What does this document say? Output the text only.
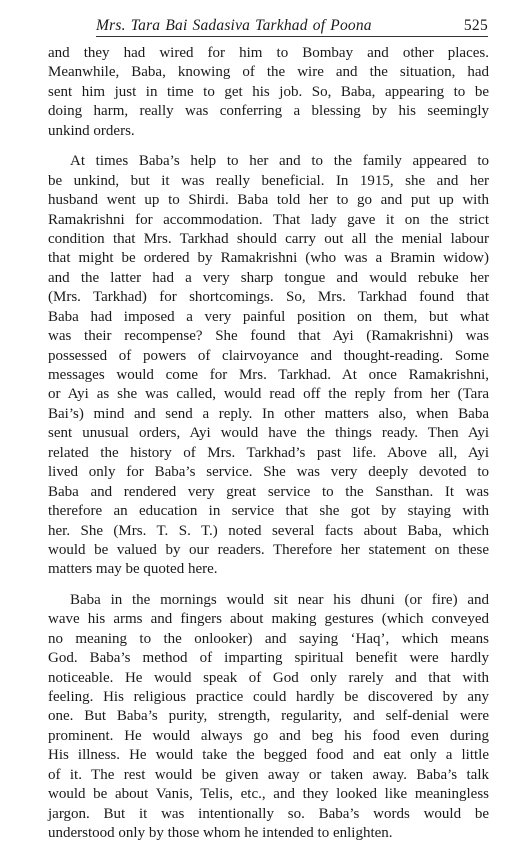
Mrs. Tara Bai Sadasiva Tarkhad of Poona	525
and they had wired for him to Bombay and other places.
Meanwhile, Baba, knowing of the wire and the situation, had
sent him just in time to get his job. So, Baba, appearing to be
doing harm, really was conferring a blessing by his seemingly
unkind orders.
At times Baba’s help to her and to the family appeared to
be unkind, but it was really beneficial. In 1915, she and her
husband went up to Shirdi. Baba told her to go and put up with
Ramakrishni for accommodation. That lady gave it on the strict
condition that Mrs. Tarkhad should carry out all the menial labour
that might be ordered by Ramakrishni (who was a Bramin widow)
and the latter had a very sharp tongue and would rebuke her
(Mrs. Tarkhad) for shortcomings. So, Mrs. Tarkhad found that
Baba had imposed a very painful position on them, but what
was their recompense? She found that Ayi (Ramakrishni) was
possessed of powers of clairvoyance and thought-reading. Some
messages would come for Mrs. Tarkhad. At once Ramakrishni,
or Ayi as she was called, would read off the reply from her (Tara
Bai’s) mind and send a reply. In other matters also, when Baba
sent unusual orders, Ayi would have the things ready. Then Ayi
related the history of Mrs. Tarkhad’s past life. Above all, Ayi
lived only for Baba’s service. She was very deeply devoted to
Baba and rendered very great service to the Sansthan. It was
therefore an education in service that she got by staying with
her. She (Mrs. T. S. T.) noted several facts about Baba, which
would be valued by our readers. Therefore her statement on these
matters may be quoted here.
Baba in the mornings would sit near his dhuni (or fire) and
wave his arms and fingers about making gestures (which conveyed
no meaning to the onlooker) and saying ‘Haq’, which means
God. Baba’s method of imparting spiritual benefit were hardly
noticeable. He would speak of God only rarely and that with
feeling. His religious practice could hardly be discovered by any
one. But Baba’s purity, strength, regularity, and self-denial were
prominent. He would always go and beg his food even during
His illness. He would take the begged food and eat only a little
of it. The rest would be given away or taken away. Baba’s talk
would be about Vanis, Telis, etc., and they looked like meaningless
jargon. But it was intentionally so. Baba’s words would be
understood only by those whom he intended to enlighten.
